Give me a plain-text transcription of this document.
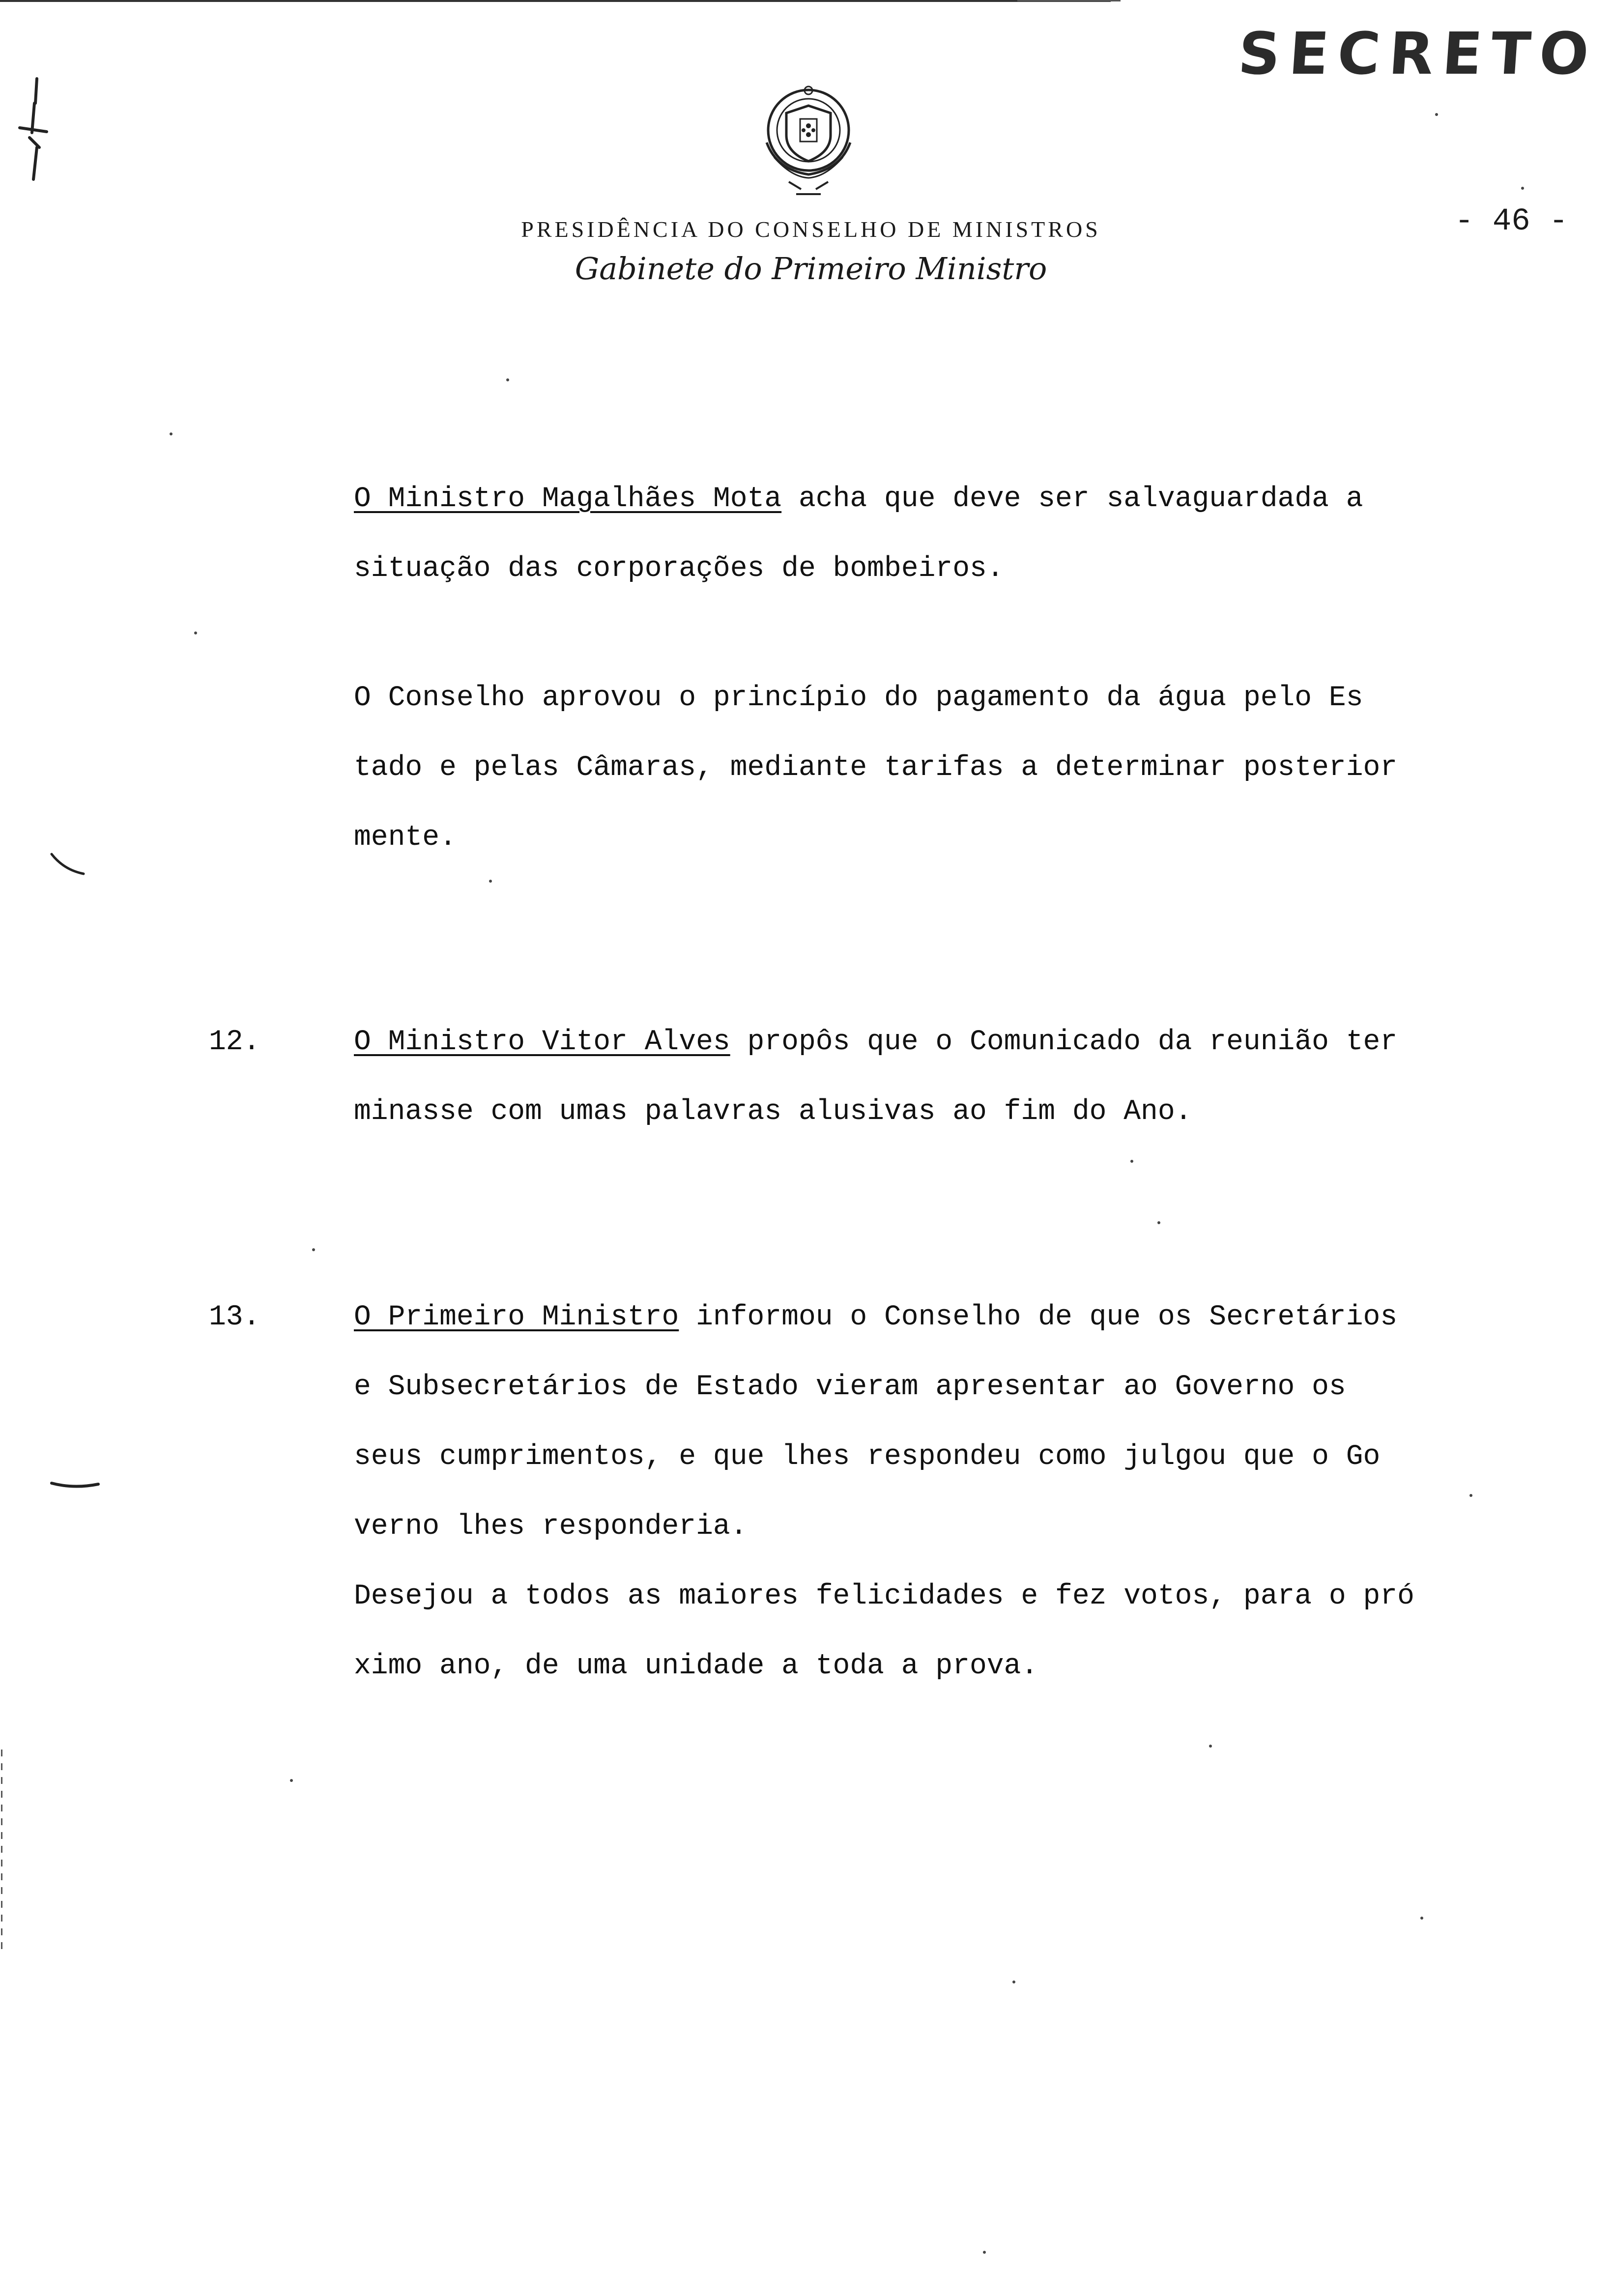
SECRETO
PRESIDÊNCIA DO CONSELHO DE MINISTROS
Gabinete do Primeiro Ministro
- 46 -
O Ministro Magalhães Mota acha que deve ser salvaguardada a
situação das corporações de bombeiros.
O Conselho aprovou o princípio do pagamento da água pelo Es
tado e pelas Câmaras, mediante tarifas a determinar posterior
mente.
12.	O Ministro Vitor Alves propôs que o Comunicado da reunião ter
minasse com umas palavras alusivas ao fim do Ano.
13.	O Primeiro Ministro informou o Conselho de que os Secretários
e Subsecretários de Estado vieram apresentar ao Governo os
seus cumprimentos, e que lhes respondeu como julgou que o Go
verno lhes responderia.
Desejou a todos as maiores felicidades e fez votos, para o pró
ximo ano, de uma unidade a toda a prova.
